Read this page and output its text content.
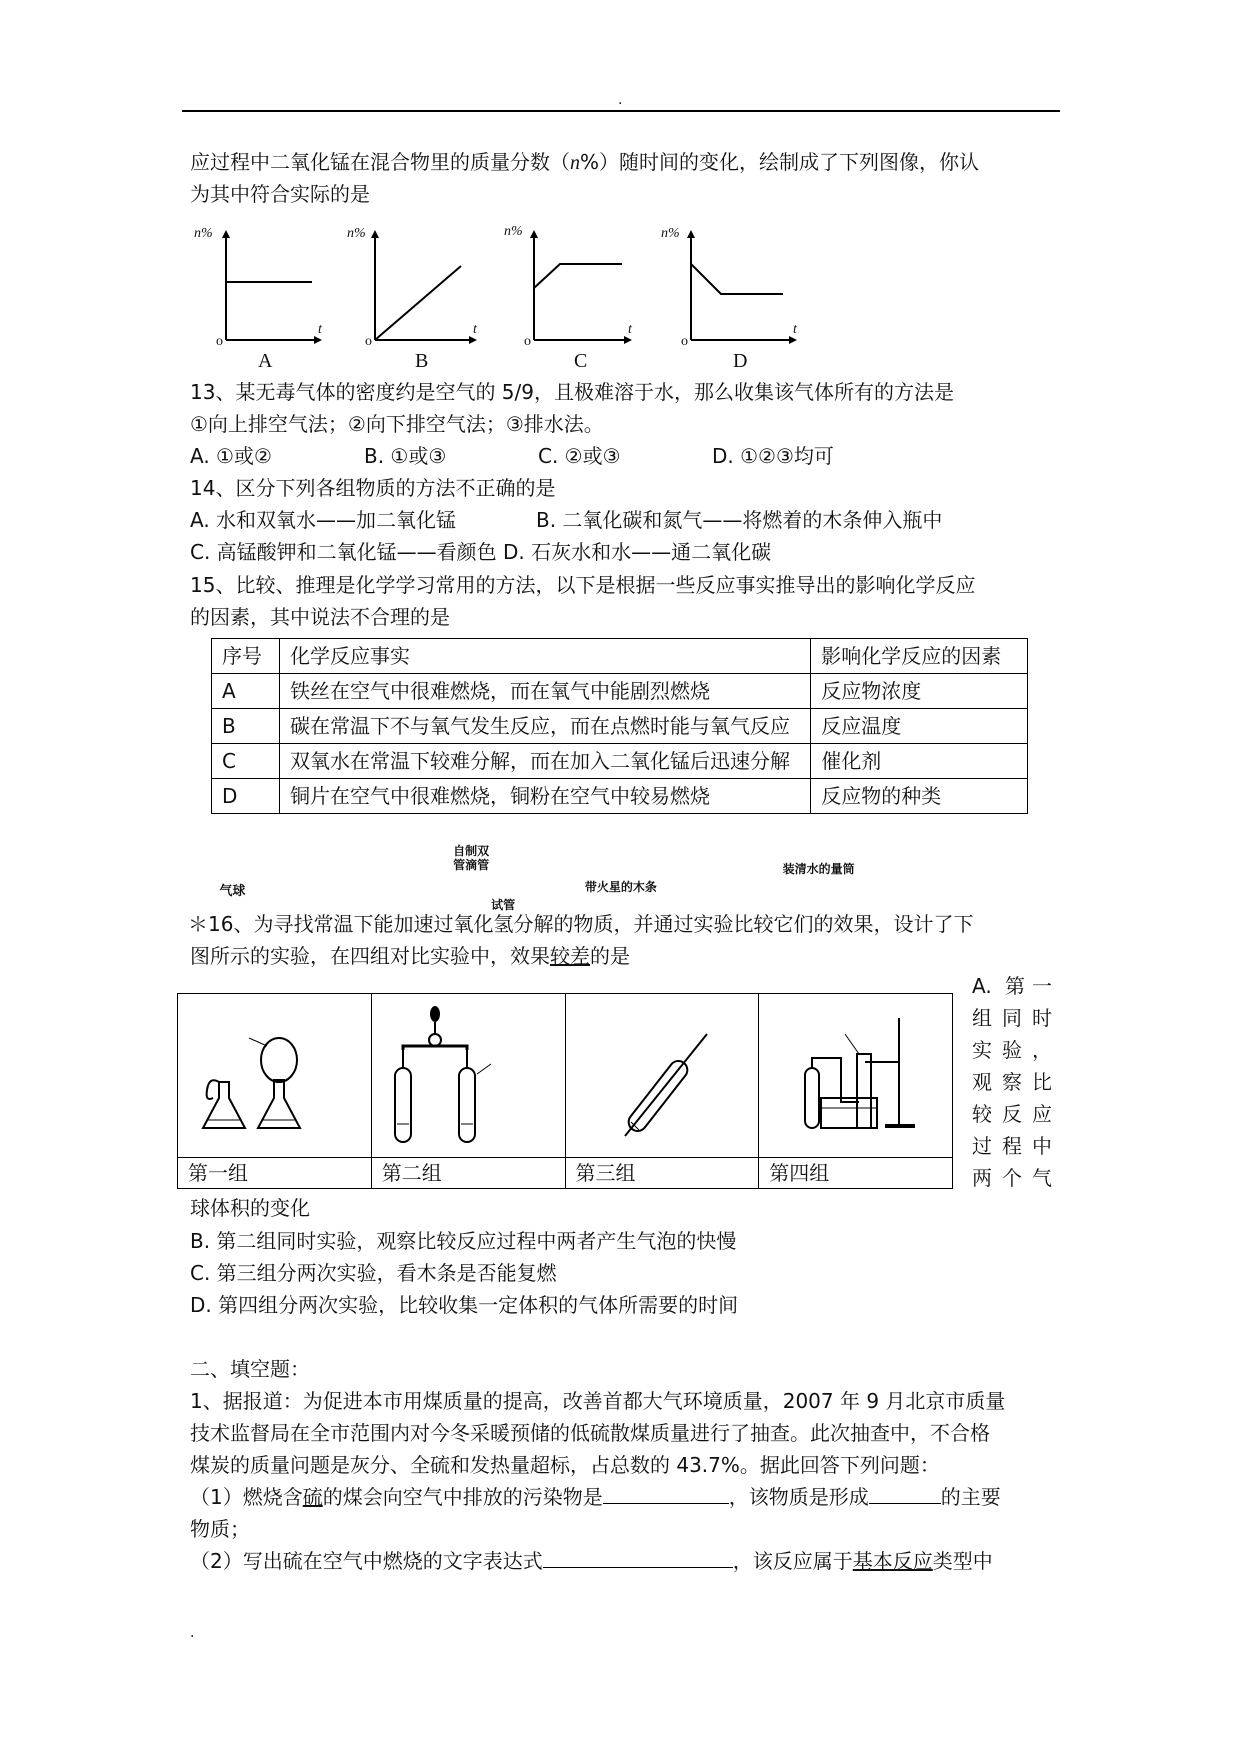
.
应过程中二氧化锰在混合物里的质量分数（n%）随时间的变化，绘制成了下列图像，你认
为其中符合实际的是
n%
t
o
A
n%
t
o
B
n%
t
o
C
n%
t
o
D
13、某无毒气体的密度约是空气的 5/9，且极难溶于水，那么收集该气体所有的方法是
①向上排空气法；②向下排空气法；③排水法。
A. ①或②	B. ①或③	C. ②或③	D. ①②③均可
14、区分下列各组物质的方法不正确的是
A. 水和双氧水——加二氧化锰	B. 二氧化碳和氮气——将燃着的木条伸入瓶中
C. 高锰酸钾和二氧化锰——看颜色 D. 石灰水和水——通二氧化碳
15、比较、推理是化学学习常用的方法，以下是根据一些反应事实推导出的影响化学反应
的因素，其中说法不合理的是
序号	化学反应事实	影响化学反应的因素
A	铁丝在空气中很难燃烧，而在氧气中能剧烈燃烧	反应物浓度
B	碳在常温下不与氧气发生反应，而在点燃时能与氧气反应	反应温度
C	双氧水在常温下较难分解，而在加入二氧化锰后迅速分解	催化剂
D	铜片在空气中很难燃烧，铜粉在空气中较易燃烧	反应物的种类
＊16、为寻找常温下能加速过氧化氢分解的物质，并通过实验比较它们的效果，设计了下
图所示的实验，在四组对比实验中，效果较差的是
气球	自制双管滴管
试管	带火星的木条	装清水的量筒

第一组	第二组	第三组	第四组
A. 第一
组 同 时
实 验 ，
观 察 比
较 反 应
过 程 中
两 个 气
球体积的变化
B. 第二组同时实验，观察比较反应过程中两者产生气泡的快慢
C. 第三组分两次实验，看木条是否能复燃
D. 第四组分两次实验，比较收集一定体积的气体所需要的时间
二、填空题：
1、据报道：为促进本市用煤质量的提高，改善首都大气环境质量，2007 年 9 月北京市质量
技术监督局在全市范围内对今冬采暖预储的低硫散煤质量进行了抽查。此次抽查中，不合格
煤炭的质量问题是灰分、全硫和发热量超标，占总数的 43.7%。据此回答下列问题：
（1）燃烧含硫的煤会向空气中排放的污染物是	，该物质是形成	的主要
物质；
（2）写出硫在空气中燃烧的文字表达式	，该反应属于基本反应类型中
.
